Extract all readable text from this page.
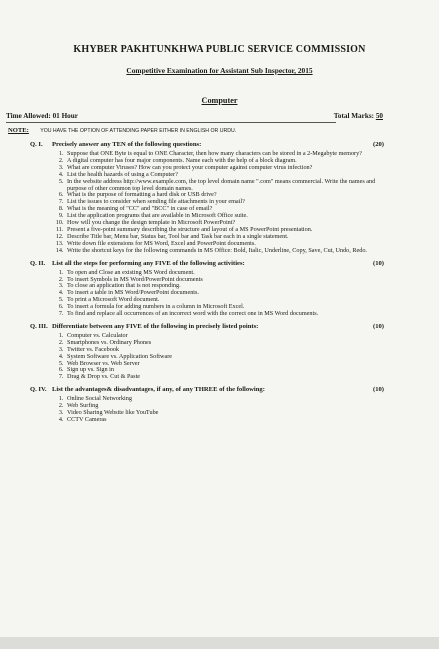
KHYBER PAKHTUNKHWA PUBLIC SERVICE COMMISSION
Competitive Examination for Assistant Sub Inspector, 2015
Computer
Time Allowed: 01 Hour	Total Marks: 50
NOTE: YOU HAVE THE OPTION OF ATTENDING PAPER EITHER IN ENGLISH OR URDU.
Q. I.	Precisely answer any TEN of the following questions:	(20)
1. Suppose that ONE Byte is equal to ONE Character, then how many characters can be stored in a 2-Megabyte memory?
2. A digital computer has four major components. Name each with the help of a block diagram.
3. What are computer Viruses? How can you protect your computer against computer virus infection?
4. List the health hazards of using a Computer?
5. In the website address http://www.example.com, the top level domain name ".com" means commercial. Write the names and purpose of other common top level domain names.
6. What is the purpose of formatting a hard disk or USB drive?
7. List the issues to consider when sending file attachments in your email?
8. What is the meaning of "CC" and "BCC" in case of email?
9. List the application programs that are available in Microsoft Office suite.
10. How will you change the design template in Microsoft PowerPoint?
11. Present a five-point summary describing the structure and layout of a MS PowerPoint presentation.
12. Describe Title bar, Menu bar, Status bar, Tool bar and Task bar each in a single statement.
13. Write down file extensions for MS Word, Excel and PowerPoint documents.
14. Write the shortcut keys for the following commands in MS Office: Bold, Italic, Underline, Copy, Save, Cut, Undo, Redo.
Q. II.	List all the steps for performing any FIVE of the following activities:	(10)
1. To open and Close an existing MS Word document.
2. To insert Symbols in MS Word/PowerPoint documents
3. To close an application that is not responding.
4. To insert a table in MS Word/PowerPoint documents.
5. To print a Microsoft Word document.
6. To insert a formula for adding numbers in a column in Microsoft Excel.
7. To find and replace all occurrences of an incorrect word with the correct one in MS Word documents.
Q. III. Differentiate between any FIVE of the following in precisely listed points:	(10)
1. Computer vs. Calculator
2. Smartphones vs. Ordinary Phones
3. Twitter vs. Facebook
4. System Software vs. Application Software
5. Web Browser vs. Web Server
6. Sign up vs. Sign in
7. Drag & Drop vs. Cut & Paste
Q. IV. List the advantages& disadvantages, if any, of any THREE of the following:	(10)
1. Online Social Networking
2. Web Surfing
3. Video Sharing Website like YouTube
4. CCTV Cameras
